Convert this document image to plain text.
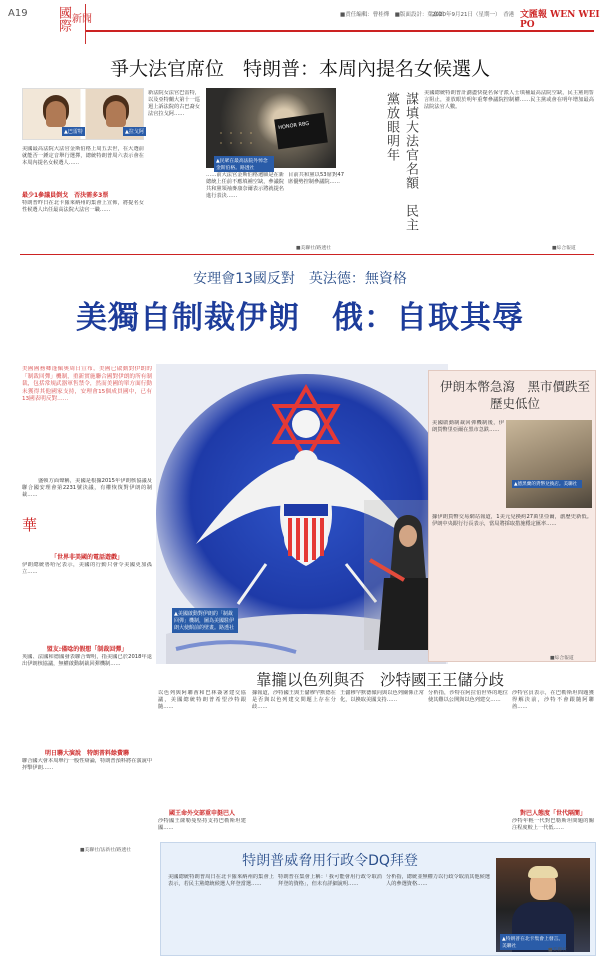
A19 國際 新聞	■責任編輯：曹桂燁　■版面設計：葉嘉穎
2020年9月21日（星期一）　香港 文匯報 WEN WEI PO
爭大法官席位　特朗普：本周內提名女候選人
▲巴雷特	▲拉戈阿
美國最高法院大法官金斯伯格上周五去世，在大選前就能否一錘定音舉行選擇，總統特朗普周六表示會在本周內提名女候選人……
最少1參議員倒戈　否決需多3票
特朗普昨日在北卡羅來納州的集會上宣佈，將提名女性候選人出任最高法院大法官一職……
新法院女法官巴雷特，以及亞特蘭大第十一巡迴上訴法院的古巴裔女法官拉戈阿……
HONOR RBG
▲民眾在最高法院外悼念金斯伯格。路透社
……前大法官金斯伯格遺願是在新總統上任前不應填補空缺，參議院共和黨領袖麥康奈爾表示將就提名進行表決……
目前共和黨以53席對47席優勢控制參議院……
■美聯社/路透社
謀填大法官名額　民主黨放眼明年	美國總統特朗普計劃盡快提名保守派人士填補最高法院空缺，民主黨則誓言阻止，並放眼於明年重奪參議院控制權……民主黨或會在明年增加最高法院法官人數。
■綜合報道
安理會13國反對　英法德：無資格
美獨自制裁伊朗　俄：自取其辱
美國國務卿蓬佩奧周日宣布，美國已啟動對伊朗的「制裁回彈」機制，重新實施聯合國對伊朗的所有制裁，包括常規武器軍售禁令，然而美國的單方面行動未獲得其他國家支持，安理會15個成員國中，已有13國表明反對……
盛頓方面聲稱，美國是根據2015年伊朗核協議及聯合國安理會第2231號決議，有權恢復對伊朗的制裁……
華
「世界非美國的電話遊戲」
伊朗總統魯哈尼表示，美國的行動只會令美國更加孤立……
盟友:僅唸的假想「制裁回彈」
英國、法國和德國發表聯合聲明，指美國已於2018年退出伊朗核協議，無權啟動制裁回彈機制……
明日聯大演說　特朗普料餘費聯
聯合國大會本周舉行一般性辯論，特朗普預料將在演說中抨擊伊朗……
■美聯社/法新社/路透社
▲美國啟動對伊朗的「制裁回彈」機制，圖為美國駐伊朗大使館前的壁畫。路透社
伊朗本幣急瀉　黑市價跌至歷史低位
美國啟動制裁回彈機制後，伊朗貨幣里亞爾在黑市急跌……
▲德黑蘭的貨幣兌換店。美聯社
據伊朗貨幣交易網站報道，1美元兌換約27萬里亞爾，創歷史新低。伊朗中央銀行行長表示，當局將採取措施穩定匯率……
■綜合報道
靠攏以色列與否　沙特國王王儲分歧
以色列與阿聯酋和巴林簽署建交協議，美國總統特朗普希望沙特跟隨……
國王命外交部重申挺巴人
沙特國王薩勒曼堅持支持巴勒斯坦建國……
據報道，沙特國王與王儲穆罕默德在是否與以色列建交問題上存在分歧……
王儲穆罕默德傾向與以色列關係正常化，以換取美國支持……
分析指，沙特在阿拉伯世界的地位使其難以公開與以色列建交……
沙特官員表示，在巴勒斯坦問題獲得解決前，沙特不會跟隨阿聯酋……
對巴人態度「世代隔閡」
沙特年輕一代對巴勒斯坦問題的關注程度較上一代低……
特朗普威脅用行政令DQ拜登
美國總統特朗普周日在北卡羅來納州的集會上表示，若民主黨總統候選人拜登當選……
特朗普在集會上稱：「我可能會用行政令取消拜登的資格」，但未有詳細說明……
分析指，總統並無權力以行政令取消其他候選人的參選資格……
▲特朗普在北卡集會上發言。美聯社
■美聯社
